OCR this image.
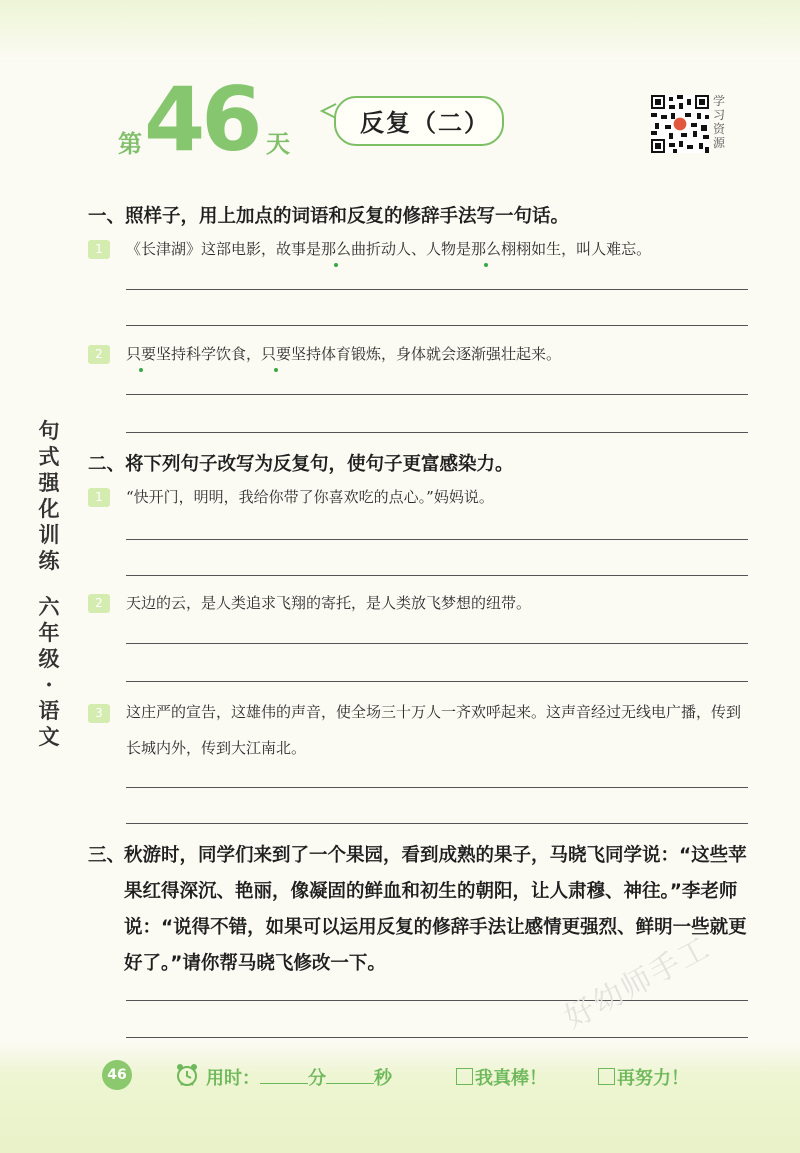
第 46 天
反复（二）
学习资源
句式强化训练
六年级·语文
一、照样子，用上加点的词语和反复的修辞手法写一句话。
1	《长津湖》这部电影，故事是那么曲折动人、人物是那么栩栩如生，叫人难忘。
2	只要坚持科学饮食，只要坚持体育锻炼，身体就会逐渐强壮起来。
二、将下列句子改写为反复句，使句子更富感染力。
1	“快开门，明明，我给你带了你喜欢吃的点心。”妈妈说。
2	天边的云，是人类追求飞翔的寄托，是人类放飞梦想的纽带。
3	这庄严的宣告，这雄伟的声音，使全场三十万人一齐欢呼起来。这声音经过无线电广播，传到长城内外，传到大江南北。
三、
秋游时，同学们来到了一个果园，看到成熟的果子，马晓飞同学说：“这些苹果红得深沉、艳丽，像凝固的鲜血和初生的朝阳，让人肃穆、神往。”李老师说：“说得不错，如果可以运用反复的修辞手法让感情更强烈、鲜明一些就更好了。”请你帮马晓飞修改一下。	好幼师手工
46	用时：	分	秒	我真棒！	再努力！
